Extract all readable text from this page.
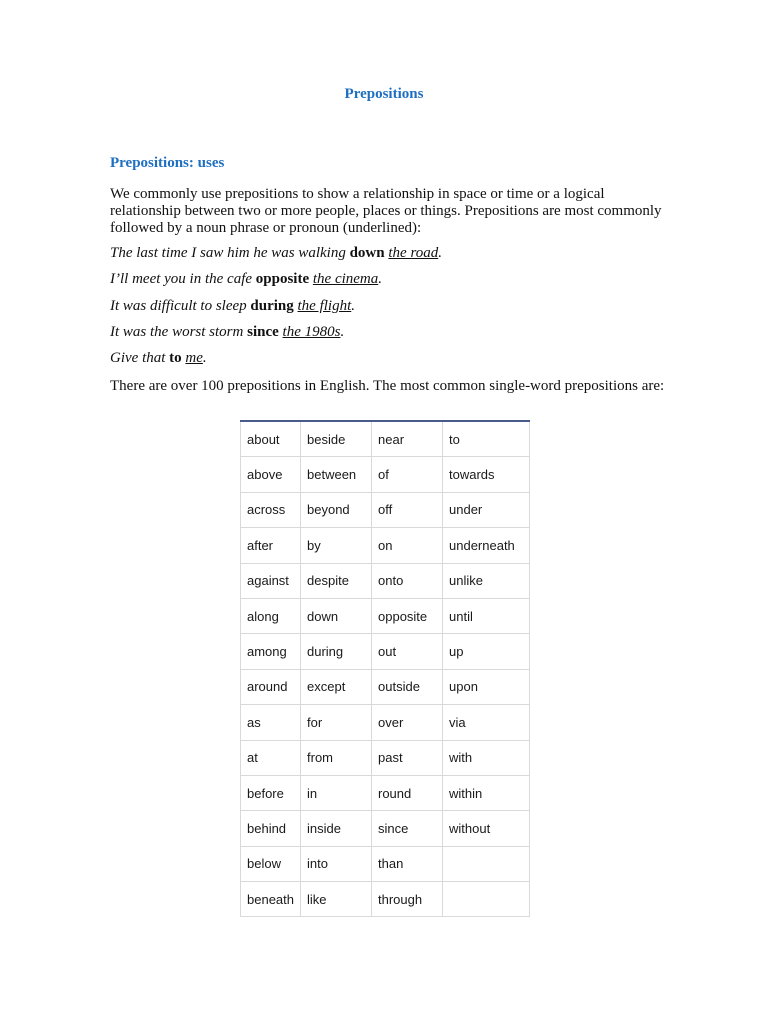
Prepositions
Prepositions: uses
We commonly use prepositions to show a relationship in space or time or a logical relationship between two or more people, places or things. Prepositions are most commonly followed by a noun phrase or pronoun (underlined):
The last time I saw him he was walking down the road.
I’ll meet you in the cafe opposite the cinema.
It was difficult to sleep during the flight.
It was the worst storm since the 1980s.
Give that to me.
There are over 100 prepositions in English. The most common single-word prepositions are:
about	beside	near	to
above	between	of	towards
across	beyond	off	under
after	by	on	underneath
against	despite	onto	unlike
along	down	opposite	until
among	during	out	up
around	except	outside	upon
as	for	over	via
at	from	past	with
before	in	round	within
behind	inside	since	without
below	into	than	
beneath	like	through	
